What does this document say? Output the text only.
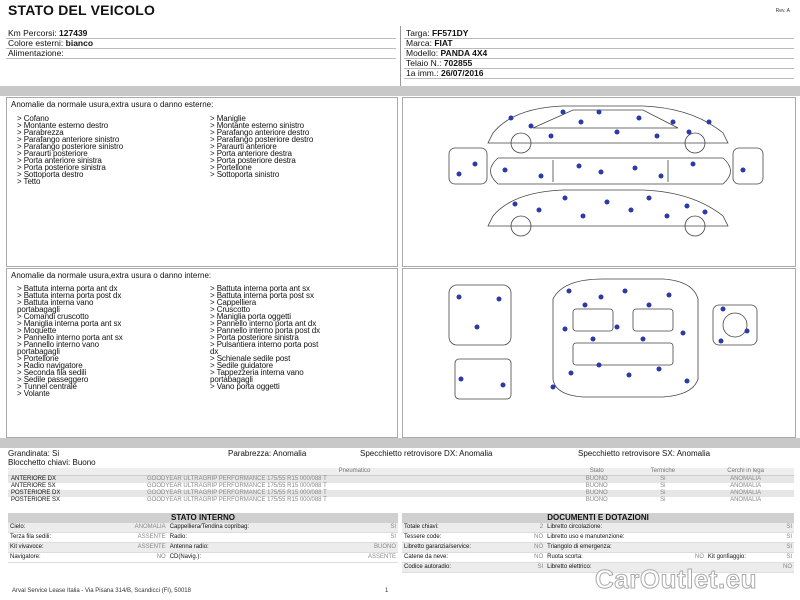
STATO DEL VEICOLO	Rev. A
Km Percorsi: 127439
Colore esterni: bianco
Alimentazione:
Targa: FF571DY
Marca: FIAT
Modello: PANDA 4X4
Telaio N.: 702855
1a imm.: 26/07/2016
Anomalie da normale usura,extra usura o danno esterne:
> Cofano
> Montante esterno destro
> Parabrezza
> Parafango anteriore sinistro
> Parafango posteriore sinistro
> Paraurti posteriore
> Porta anteriore sinistra
> Porta posteriore sinistra
> Sottoporta destro
> Tetto
> Maniglie
> Montante esterno sinistro
> Parafango anteriore destro
> Parafango posteriore destro
> Paraurti anteriore
> Porta anteriore destra
> Porta posteriore destra
> Portellone
> Sottoporta sinistro
Anomalie da normale usura,extra usura o danno interne:
> Battuta interna porta ant dx
> Battuta interna porta post dx
> Battuta interna vano
portabagagli
> Comandi cruscotto
> Maniglia interna porta ant sx
> Moquette
> Pannello interno porta ant sx
> Pannello interno vano
portabagagli
> Portellone
> Radio navigatore
> Seconda fila sedili
> Sedile passeggero
> Tunnel centrale
> Volante
> Battuta interna porta ant sx
> Battuta interna porta post sx
> Cappelliera
> Cruscotto
> Maniglia porta oggetti
> Pannello interno porta ant dx
> Pannello interno porta post dx
> Porta posteriore sinistra
> Pulsantiera interno porta post
dx
> Schienale sedile post
> Sedile guidatore
> Tappezzeria interna vano
portabagagli
> Vano porta oggetti
Grandinata: Si	Parabrezza: Anomalia	Specchietto retrovisore DX: Anomalia	Specchietto retrovisore SX: Anomalia
Blocchetto chiavi: Buono
	Pneumatico	Stato	Termiche	Cerchi in lega
ANTERIORE DX	GOODYEAR ULTRAGRIP PERFORMANCE 175/55 R15 000/088 T	BUONO	Si	ANOMALIA
ANTERIORE SX	GOODYEAR ULTRAGRIP PERFORMANCE 175/55 R15 000/088 T	BUONO	Si	ANOMALIA
POSTERIORE DX	GOODYEAR ULTRAGRIP PERFORMANCE 175/55 R15 000/088 T	BUONO	Si	ANOMALIA
POSTERIORE SX	GOODYEAR ULTRAGRIP PERFORMANCE 175/55 R15 000/088 T	BUONO	Si	ANOMALIA
STATO INTERNO
Cielo:	ANOMALIA	Cappelliera/Tendina copribag:	SI
Terza fila sedili:	ASSENTE	Radio:	SI
Kit vivavoce:	ASSENTE	Antenna radio:	BUONO
Navigatore:	NO	CD(Navig.):	ASSENTE
DOCUMENTI E DOTAZIONI
Totale chiavi:	2	Libretto circolazione:	SI		
Tessere code:	NO	Libretto uso e manutenzione:	SI		
Libretto garanzia/service:	NO	Triangolo di emergenza:	SI		
Catene da neve:	NO	Ruota scorta:	NO	Kit gonfiaggio:	SI
Codice autoradio:	SI	Libretto elettrico:	NO		
CarOutlet.eu
Arval Service Lease Italia - Via Pisana 314/B, Scandicci (FI), 50018	1
